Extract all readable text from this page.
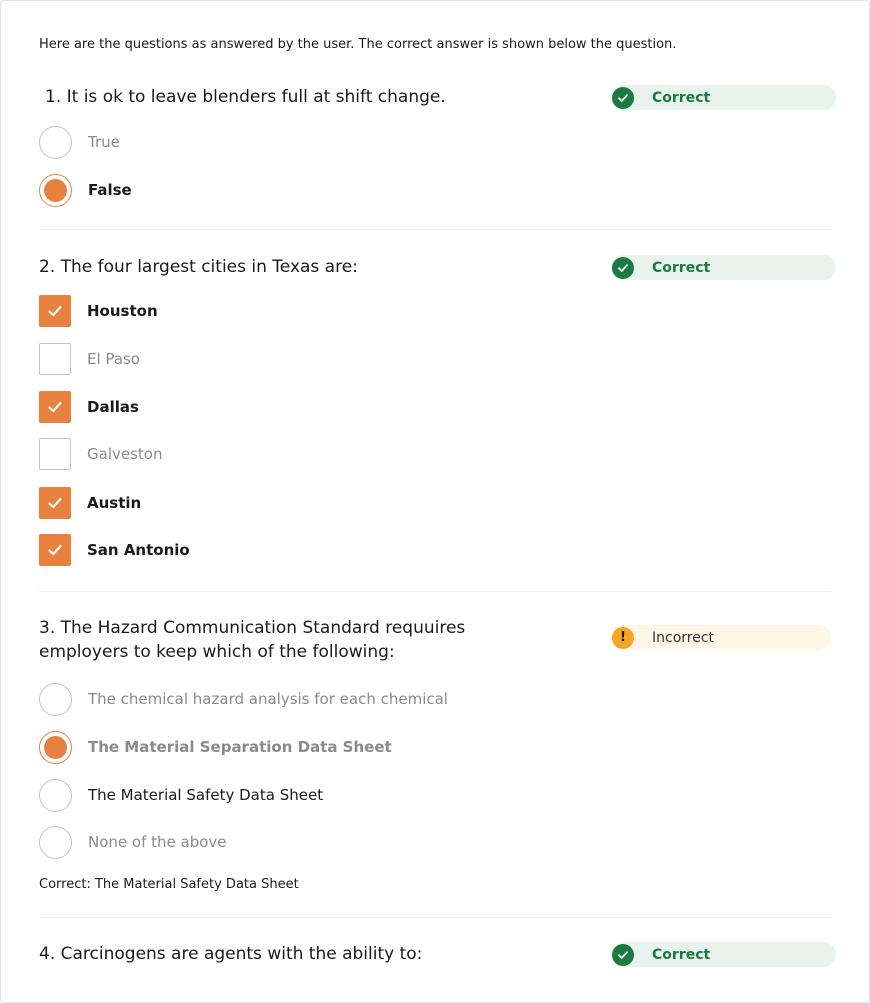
Here are the questions as answered by the user. The correct answer is shown below the question.
1. It is ok to leave blenders full at shift change.	Correct
True
False
2. The four largest cities in Texas are:	Correct
Houston
El Paso
Dallas
Galveston
Austin
San Antonio
3. The Hazard Communication Standard requuires
employers to keep which of the following:
!	Incorrect
The chemical hazard analysis for each chemical
The Material Separation Data Sheet
The Material Safety Data Sheet
None of the above
Correct: The Material Safety Data Sheet
4. Carcinogens are agents with the ability to:	Correct
